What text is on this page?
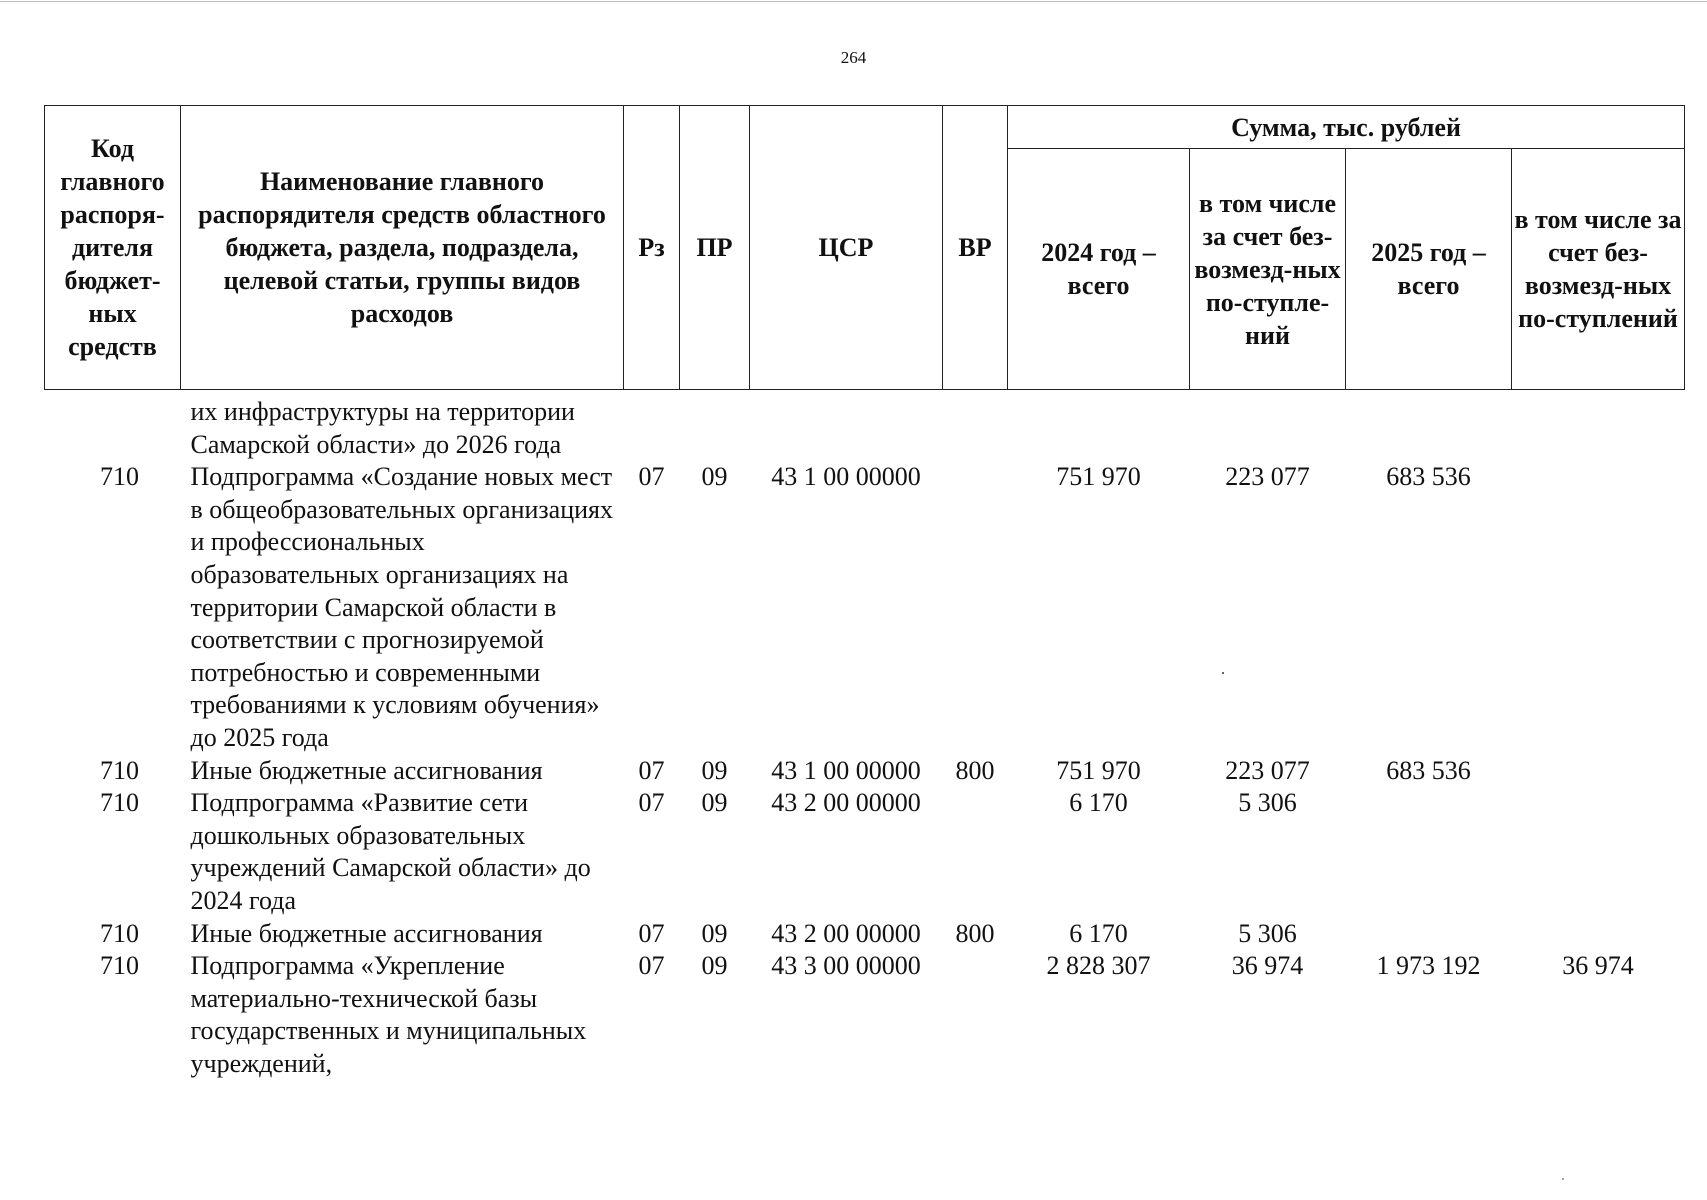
264
Код главного распоря-дителя бюджет-ных средств	Наименование главного распорядителя средств областного бюджета, раздела, подраздела, целевой статьи, группы видов расходов	Рз	ПР	ЦСР	ВР	Сумма, тыс. рублей			
						2024 год – всего	в том числе за счет без-возмезд-ных по-ступле-ний	2025 год – всего	в том числе за счет без-возмезд-ных по-ступлений

	их инфраструктуры на территории Самарской области» до 2026 года								
710	Подпрограмма «Создание новых мест в общеобразовательных организациях и профессиональных образовательных организациях на территории Самарской области в соответствии с прогнозируемой потребностью и современными требованиями к условиям обучения» до 2025 года	07	09	43 1 00 00000		751 970	223 077	683 536	
710	Иные бюджетные ассигнования	07	09	43 1 00 00000	800	751 970	223 077	683 536	
710	Подпрограмма «Развитие сети дошкольных образовательных учреждений Самарской области» до 2024 года	07	09	43 2 00 00000		6 170	5 306		
710	Иные бюджетные ассигнования	07	09	43 2 00 00000	800	6 170	5 306		
710	Подпрограмма «Укрепление материально-технической базы государственных и муниципальных учреждений,	07	09	43 3 00 00000		2 828 307	36 974	1 973 192	36 974
